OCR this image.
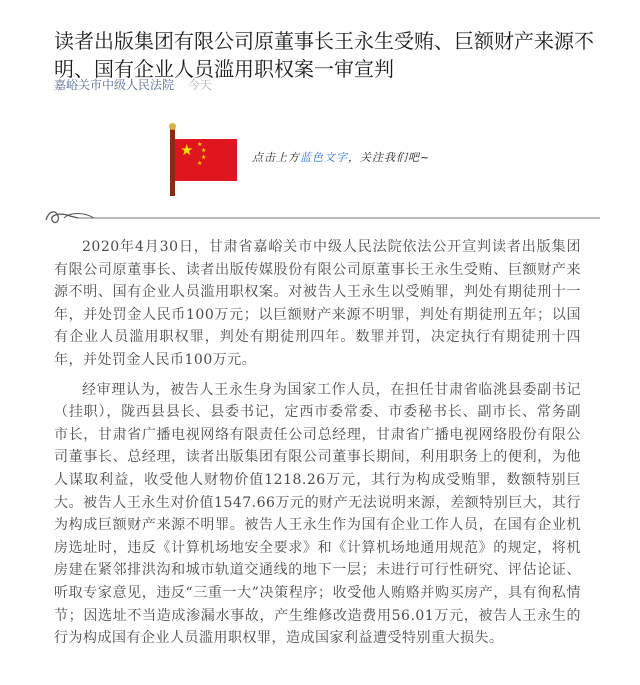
读者出版集团有限公司原董事长王永生受贿、巨额财产来源不明、国有企业人员滥用职权案一审宣判
嘉峪关市中级人民法院 今天
★ ★
★
★
★	点击上方蓝色文字，关注我们吧~

2020年4月30日，甘肃省嘉峪关市中级人民法院依法公开宣判读者出版集团有限公司原董事长、读者出版传媒股份有限公司原董事长王永生受贿、巨额财产来源不明、国有企业人员滥用职权案。对被告人王永生以受贿罪，判处有期徒刑十一年，并处罚金人民币100万元；以巨额财产来源不明罪，判处有期徒刑五年；以国有企业人员滥用职权罪，判处有期徒刑四年。数罪并罚，决定执行有期徒刑十四年，并处罚金人民币100万元。

经审理认为，被告人王永生身为国家工作人员，在担任甘肃省临洮县委副书记（挂职），陇西县县长、县委书记，定西市委常委、市委秘书长、副市长、常务副市长，甘肃省广播电视网络有限责任公司总经理，甘肃省广播电视网络股份有限公司董事长、总经理，读者出版集团有限公司董事长期间，利用职务上的便利，为他人谋取利益，收受他人财物价值1218.26万元，其行为构成受贿罪，数额特别巨大。被告人王永生对价值1547.66万元的财产无法说明来源，差额特别巨大，其行为构成巨额财产来源不明罪。被告人王永生作为国有企业工作人员，在国有企业机房选址时，违反《计算机场地安全要求》和《计算机场地通用规范》的规定，将机房建在紧邻排洪沟和城市轨道交通线的地下一层；未进行可行性研究、评估论证、听取专家意见，违反“三重一大”决策程序；收受他人贿赂并购买房产，具有徇私情节；因选址不当造成渗漏水事故，产生维修改造费用56.01万元，被告人王永生的行为构成国有企业人员滥用职权罪，造成国家利益遭受特别重大损失。
